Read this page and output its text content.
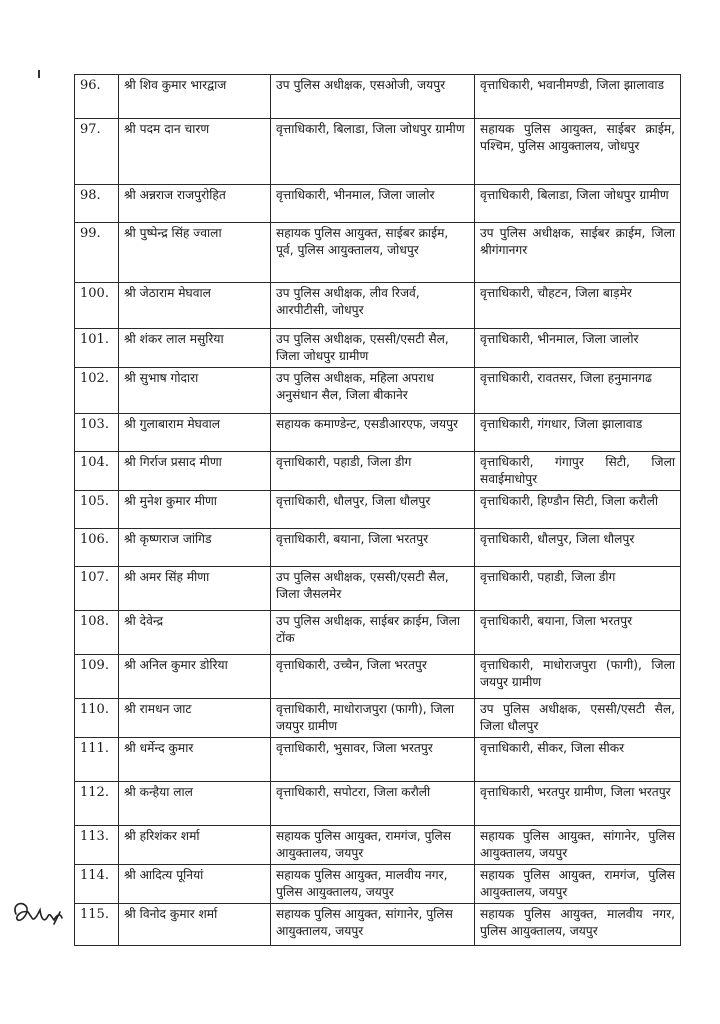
96.	श्री शिव कुमार भारद्वाज	उप पुलिस अधीक्षक, एसओजी, जयपुर	वृत्ताधिकारी, भवानीमण्डी, जिला झालावाड
97.	श्री पदम दान चारण	वृत्ताधिकारी, बिलाडा, जिला जोधपुर ग्रामीण	सहायक पुलिस आयुक्त, साईबर क्राईम, पश्चिम, पुलिस आयुक्तालय, जोधपुर
98.	श्री अन्नराज राजपुरोहित	वृत्ताधिकारी, भीनमाल, जिला जालोर	वृत्ताधिकारी, बिलाडा, जिला जोधपुर ग्रामीण
99.	श्री पुष्पेन्द्र सिंह ज्वाला	सहायक पुलिस आयुक्त, साईबर क्राईम, पूर्व, पुलिस आयुक्तालय, जोधपुर	उप पुलिस अधीक्षक, साईबर क्राईम, जिला श्रीगंगानगर
100.	श्री जेठाराम मेघवाल	उप पुलिस अधीक्षक, लीव रिजर्व, आरपीटीसी, जोधपुर	वृत्ताधिकारी, चौहटन, जिला बाड़मेर
101.	श्री शंकर लाल मसुरिया	उप पुलिस अधीक्षक, एससी/एसटी सैल, जिला जोधपुर ग्रामीण	वृत्ताधिकारी, भीनमाल, जिला जालोर
102.	श्री सुभाष गोदारा	उप पुलिस अधीक्षक, महिला अपराध अनुसंधान सैल, जिला बीकानेर	वृत्ताधिकारी, रावतसर, जिला हनुमानगढ
103.	श्री गुलाबाराम मेघवाल	सहायक कमाण्डेन्ट, एसडीआरएफ, जयपुर	वृत्ताधिकारी, गंगधार, जिला झालावाड
104.	श्री गिर्राज प्रसाद मीणा	वृत्ताधिकारी, पहाडी, जिला डीग	वृत्ताधिकारी, गंगापुर सिटी, जिला सवाईमाधोपुर
105.	श्री मुनेश कुमार मीणा	वृत्ताधिकारी, धौलपुर, जिला धौलपुर	वृत्ताधिकारी, हिण्डौन सिटी, जिला करौली
106.	श्री कृष्णराज जांगिड	वृत्ताधिकारी, बयाना, जिला भरतपुर	वृत्ताधिकारी, धौलपुर, जिला धौलपुर
107.	श्री अमर सिंह मीणा	उप पुलिस अधीक्षक, एससी/एसटी सैल, जिला जैसलमेर	वृत्ताधिकारी, पहाडी, जिला डीग
108.	श्री देवेन्द्र	उप पुलिस अधीक्षक, साईबर क्राईम, जिला टोंक	वृत्ताधिकारी, बयाना, जिला भरतपुर
109.	श्री अनिल कुमार डोरिया	वृत्ताधिकारी, उच्चैन, जिला भरतपुर	वृत्ताधिकारी, माधोराजपुरा (फागी), जिला जयपुर ग्रामीण
110.	श्री रामधन जाट	वृत्ताधिकारी, माधोराजपुरा (फागी), जिला जयपुर ग्रामीण	उप पुलिस अधीक्षक, एससी/एसटी सैल, जिला धौलपुर
111.	श्री धर्मेन्द कुमार	वृत्ताधिकारी, भुसावर, जिला भरतपुर	वृत्ताधिकारी, सीकर, जिला सीकर
112.	श्री कन्हैया लाल	वृत्ताधिकारी, सपोटरा, जिला करौली	वृत्ताधिकारी, भरतपुर ग्रामीण, जिला भरतपुर
113.	श्री हरिशंकर शर्मा	सहायक पुलिस आयुक्त, रामगंज, पुलिस आयुक्तालय, जयपुर	सहायक पुलिस आयुक्त, सांगानेर, पुलिस आयुक्तालय, जयपुर
114.	श्री आदित्य पूनियां	सहायक पुलिस आयुक्त, मालवीय नगर, पुलिस आयुक्तालय, जयपुर	सहायक पुलिस आयुक्त, रामगंज, पुलिस आयुक्तालय, जयपुर
115.	श्री विनोद कुमार शर्मा	सहायक पुलिस आयुक्त, सांगानेर, पुलिस आयुक्तालय, जयपुर	सहायक पुलिस आयुक्त, मालवीय नगर, पुलिस आयुक्तालय, जयपुर
